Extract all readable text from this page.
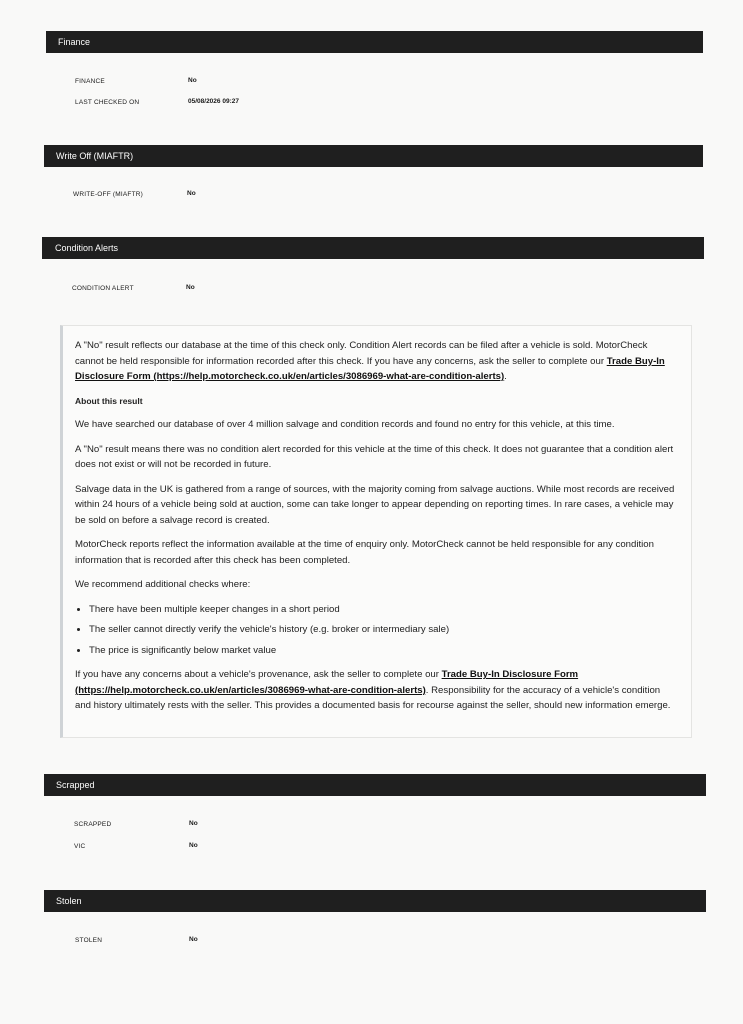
Finance
FINANCE	No
LAST CHECKED ON	05/08/2026 09:27
Write Off (MIAFTR)
WRITE-OFF (MIAFTR)	No
Condition Alerts
CONDITION ALERT	No

A "No" result reflects our database at the time of this check only. Condition Alert records can be filed after a vehicle is sold. MotorCheck cannot be held responsible for information recorded after this check. If you have any concerns, ask the seller to complete our Trade Buy-In Disclosure Form (https://help.motorcheck.co.uk/en/articles/3086969-what-are-condition-alerts).

About this result

We have searched our database of over 4 million salvage and condition records and found no entry for this vehicle, at this time.

A "No" result means there was no condition alert recorded for this vehicle at the time of this check. It does not guarantee that a condition alert does not exist or will not be recorded in future.

Salvage data in the UK is gathered from a range of sources, with the majority coming from salvage auctions. While most records are received within 24 hours of a vehicle being sold at auction, some can take longer to appear depending on reporting times. In rare cases, a vehicle may be sold on before a salvage record is created.

MotorCheck reports reflect the information available at the time of enquiry only. MotorCheck cannot be held responsible for any condition information that is recorded after this check has been completed.

We recommend additional checks where:

• There have been multiple keeper changes in a short period
• The seller cannot directly verify the vehicle's history (e.g. broker or intermediary sale)
• The price is significantly below market value

If you have any concerns about a vehicle's provenance, ask the seller to complete our Trade Buy-In Disclosure Form (https://help.motorcheck.co.uk/en/articles/3086969-what-are-condition-alerts). Responsibility for the accuracy of a vehicle's condition and history ultimately rests with the seller. This provides a documented basis for recourse against the seller, should new information emerge.

Scrapped
SCRAPPED	No
VIC	No
Stolen
STOLEN	No
